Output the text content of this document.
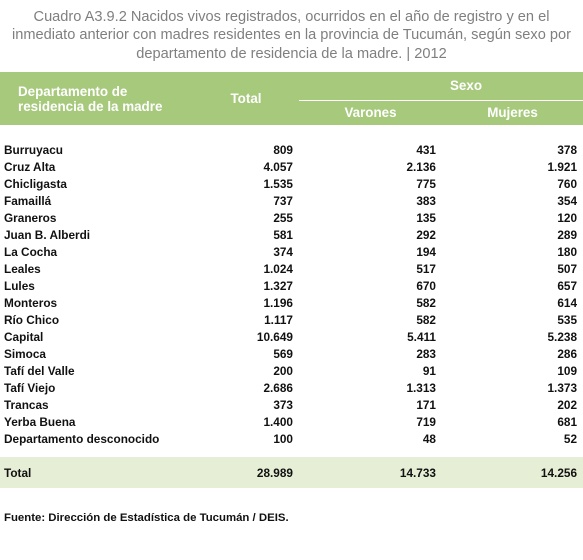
Cuadro A3.9.2 Nacidos vivos registrados, ocurridos en el año de registro y en el inmediato anterior con madres residentes en la provincia de Tucumán, según sexo por departamento de residencia de la madre. | 2012
Departamento de residencia de la madre	Total	Sexo	
		Varones	Mujeres

Burruyacu	809	431	378
Cruz Alta	4.057	2.136	1.921
Chicligasta	1.535	775	760
Famaillá	737	383	354
Graneros	255	135	120
Juan B. Alberdi	581	292	289
La Cocha	374	194	180
Leales	1.024	517	507
Lules	1.327	670	657
Monteros	1.196	582	614
Río Chico	1.117	582	535
Capital	10.649	5.411	5.238
Simoca	569	283	286
Tafí del Valle	200	91	109
Tafí Viejo	2.686	1.313	1.373
Trancas	373	171	202
Yerba Buena	1.400	719	681
Departamento desconocido	100	48	52

Total	28.989	14.733	14.256
Fuente: Dirección de Estadística de Tucumán / DEIS.
